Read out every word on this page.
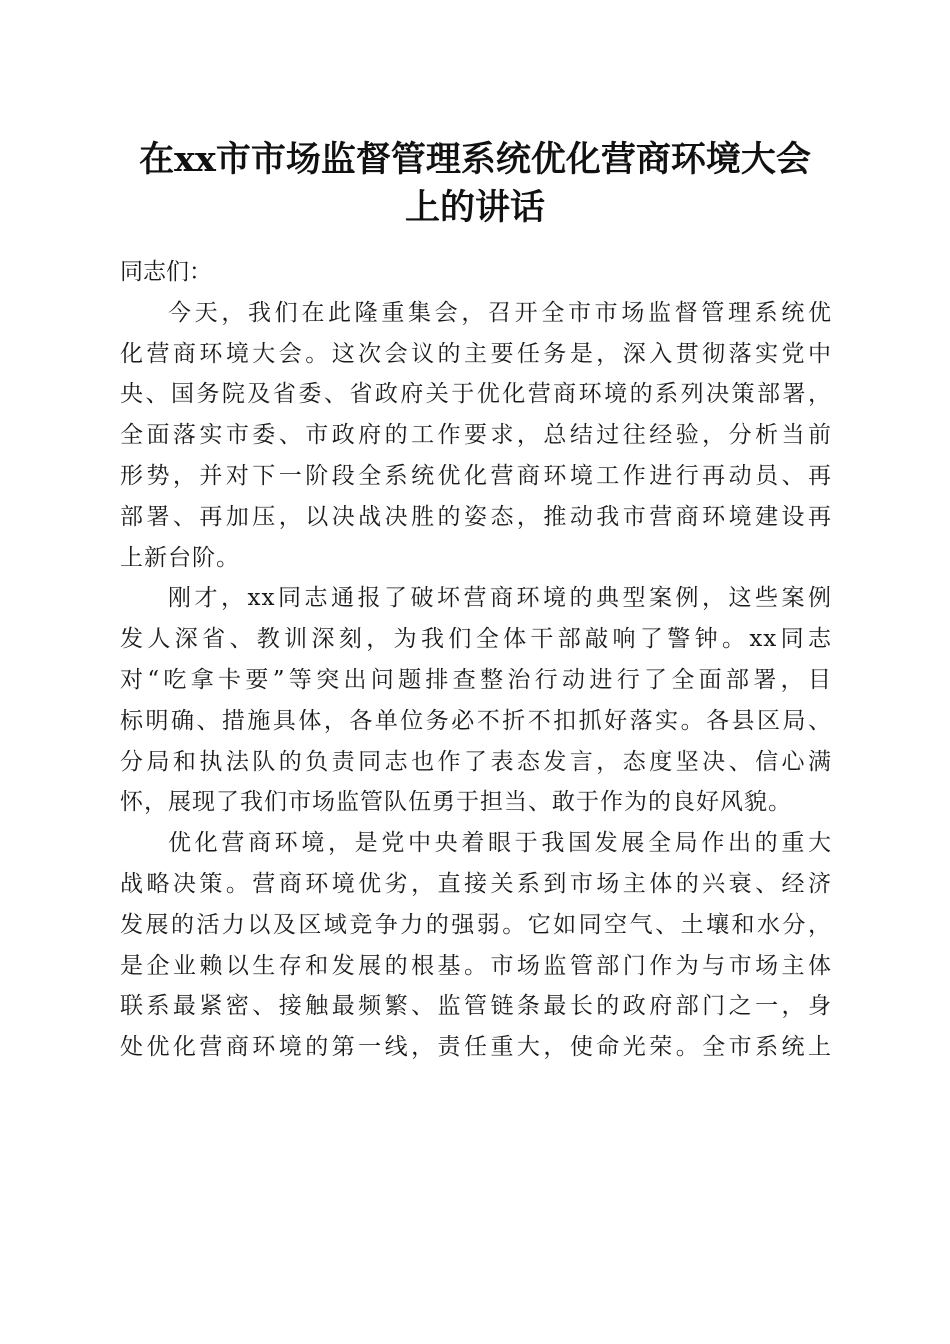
在xx市市场监督管理系统优化营商环境大会
上的讲话
同志们：
今天，我们在此隆重集会，召开全市市场监督管理系统优
化营商环境大会。这次会议的主要任务是，深入贯彻落实党中
央、国务院及省委、省政府关于优化营商环境的系列决策部署，
全面落实市委、市政府的工作要求，总结过往经验，分析当前
形势，并对下一阶段全系统优化营商环境工作进行再动员、再
部署、再加压，以决战决胜的姿态，推动我市营商环境建设再
上新台阶。
刚才，xx同志通报了破坏营商环境的典型案例，这些案例
发人深省、教训深刻，为我们全体干部敲响了警钟。xx同志
对“吃拿卡要”等突出问题排查整治行动进行了全面部署，目
标明确、措施具体，各单位务必不折不扣抓好落实。各县区局、
分局和执法队的负责同志也作了表态发言，态度坚决、信心满
怀，展现了我们市场监管队伍勇于担当、敢于作为的良好风貌。
优化营商环境，是党中央着眼于我国发展全局作出的重大
战略决策。营商环境优劣，直接关系到市场主体的兴衰、经济
发展的活力以及区域竞争力的强弱。它如同空气、土壤和水分，
是企业赖以生存和发展的根基。市场监管部门作为与市场主体
联系最紧密、接触最频繁、监管链条最长的政府部门之一，身
处优化营商环境的第一线，责任重大，使命光荣。全市系统上
